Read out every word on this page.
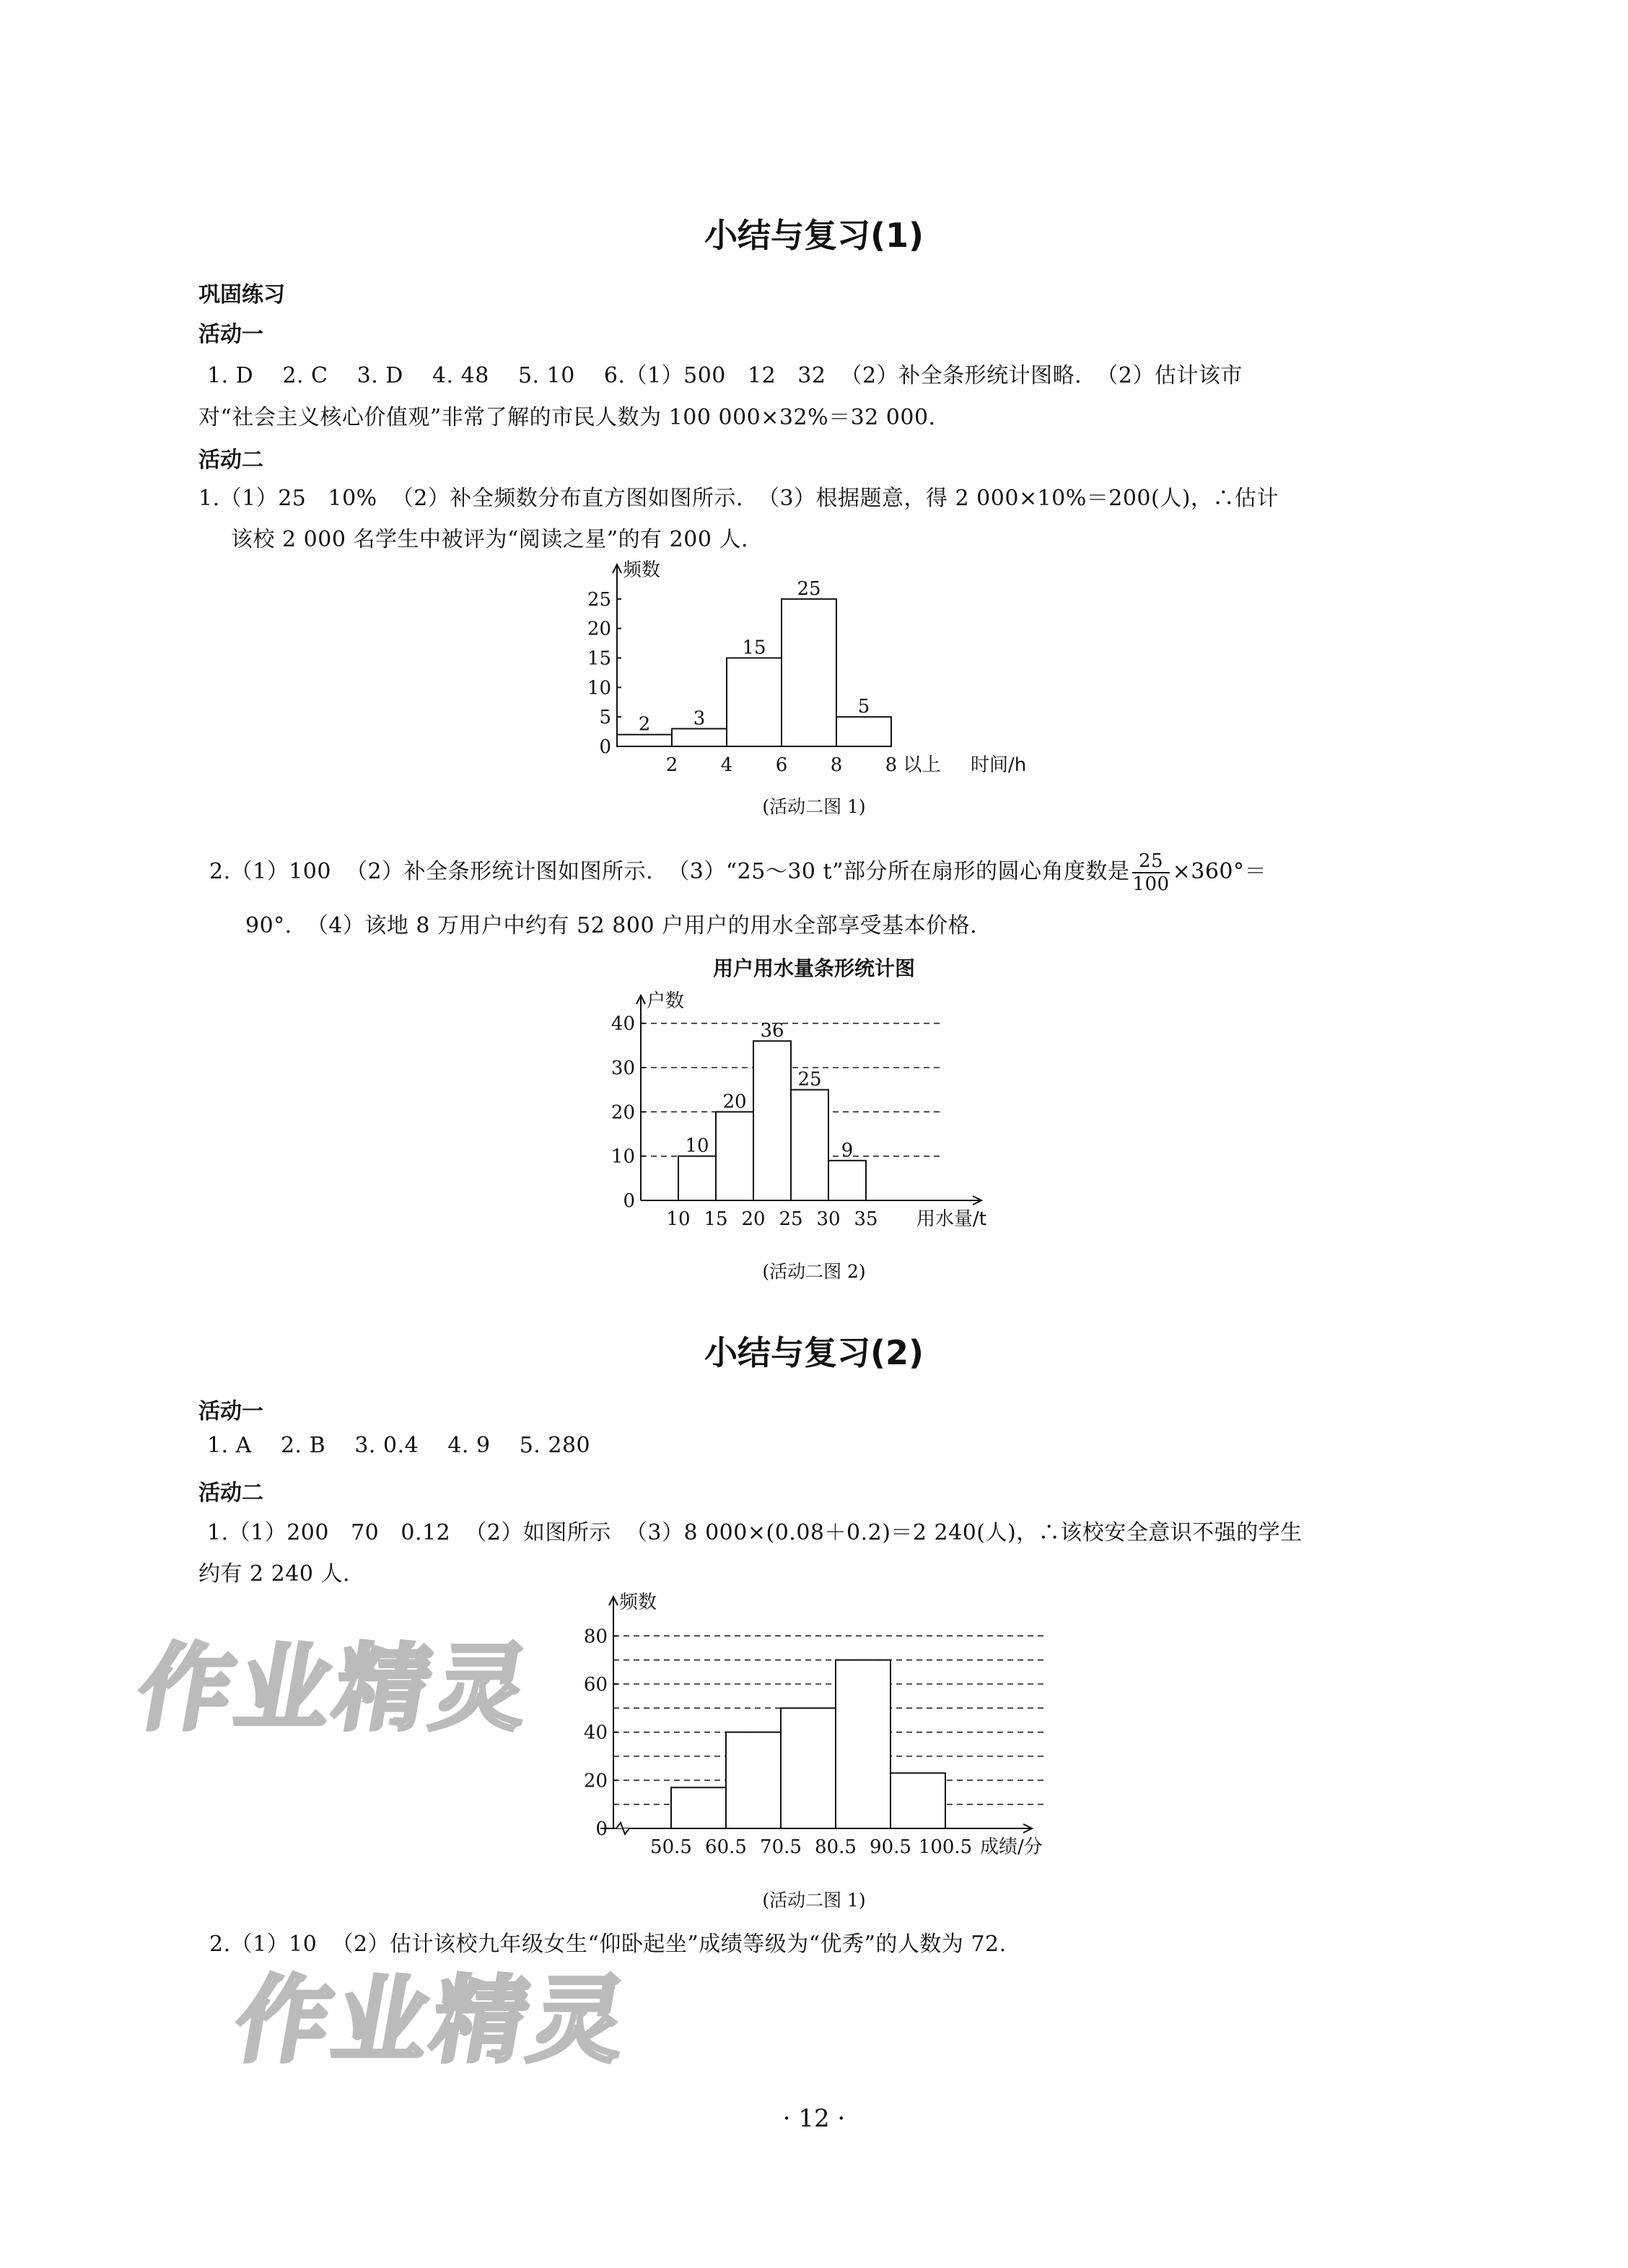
小结与复习(1)
巩固练习
活动一
1. D    2. C    3. D    4. 48    5. 10    6.（1）500   12   32  （2）补全条形统计图略.  （2）估计该市
对“社会主义核心价值观”非常了解的市民人数为 100 000×32%＝32 000.
活动二
1.（1）25   10%  （2）补全频数分布直方图如图所示.  （3）根据题意，得 2 000×10%＝200(人)，∴估计
该校 2 000 名学生中被评为“阅读之星”的有 200 人.
0
5
10
15
20
25
2 3
15
25
5
2 4 6 8 8 以上
频数
时间/h
(活动二图 1)
2.（1）100  （2）补全条形统计图如图所示.  （3）“25～30 t”部分所在扇形的圆心角度数是 $\frac{25}{100} \times 360^\circ=$
90°.  （4）该地 8 万用户中约有 52 800 户用户的用水全部享受基本价格.
用户用水量条形统计图
0
10
20
30
40
10
20
36
25
9
10 15 20 25 30 35
户数
用水量/t
(活动二图 2)
小结与复习(2)
活动一
1. A    2. B    3. 0.4    4. 9    5. 280
活动二
1.（1）200   70   0.12  （2）如图所示  （3）8 000×(0.08＋0.2)＝2 240(人)，∴该校安全意识不强的学生
约有 2 240 人.
0
20
40
60
80
50.5 60.5 70.5 80.5 90.5 100.5
频数
成绩/分
(活动二图 1)
2.（1）10  （2）估计该校九年级女生“仰卧起坐”成绩等级为“优秀”的人数为 72.
作业精灵
作业精灵
· 12 ·
